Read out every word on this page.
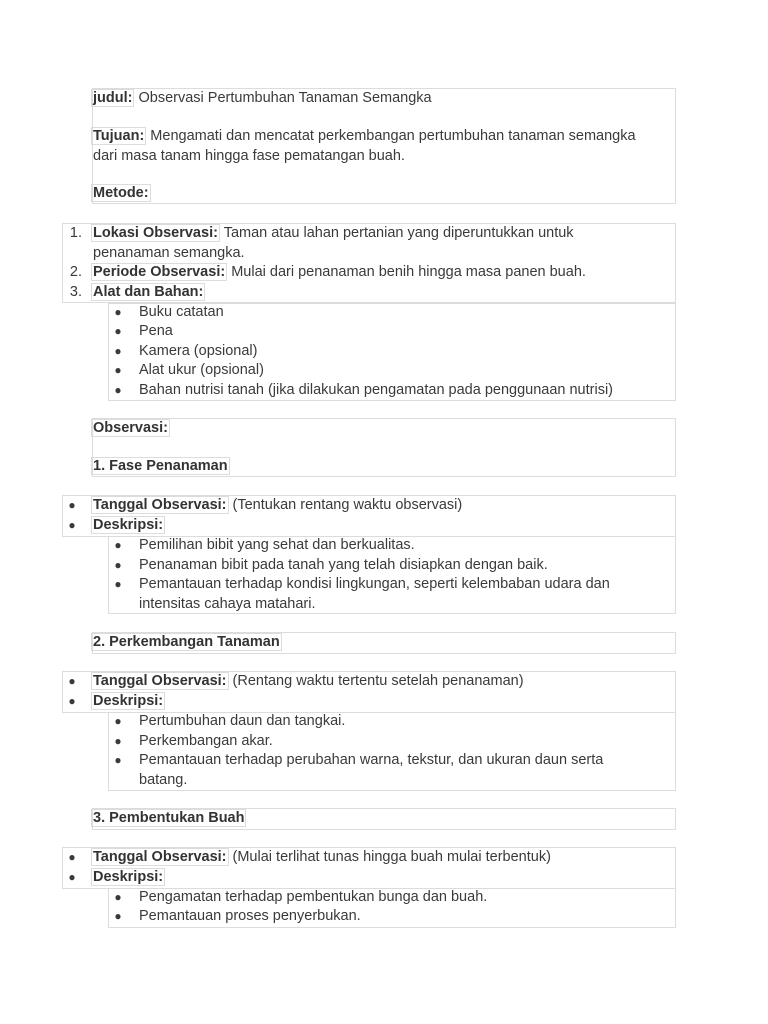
judul: Observasi Pertumbuhan Tanaman Semangka
Tujuan: Mengamati dan mencatat perkembangan pertumbuhan tanaman semangka
dari masa tanam hingga fase pematangan buah.
Metode:
1. Lokasi Observasi: Taman atau lahan pertanian yang diperuntukkan untuk
penanaman semangka.
2. Periode Observasi: Mulai dari penanaman benih hingga masa panen buah.
3. Alat dan Bahan:
● Buku catatan
● Pena
● Kamera (opsional)
● Alat ukur (opsional)
● Bahan nutrisi tanah (jika dilakukan pengamatan pada penggunaan nutrisi)
Observasi:
1. Fase Penanaman
● Tanggal Observasi: (Tentukan rentang waktu observasi)
● Deskripsi:
● Pemilihan bibit yang sehat dan berkualitas.
● Penanaman bibit pada tanah yang telah disiapkan dengan baik.
● Pemantauan terhadap kondisi lingkungan, seperti kelembaban udara dan
intensitas cahaya matahari.
2. Perkembangan Tanaman
● Tanggal Observasi: (Rentang waktu tertentu setelah penanaman)
● Deskripsi:
● Pertumbuhan daun dan tangkai.
● Perkembangan akar.
● Pemantauan terhadap perubahan warna, tekstur, dan ukuran daun serta
batang.
3. Pembentukan Buah
● Tanggal Observasi: (Mulai terlihat tunas hingga buah mulai terbentuk)
● Deskripsi:
● Pengamatan terhadap pembentukan bunga dan buah.
● Pemantauan proses penyerbukan.
